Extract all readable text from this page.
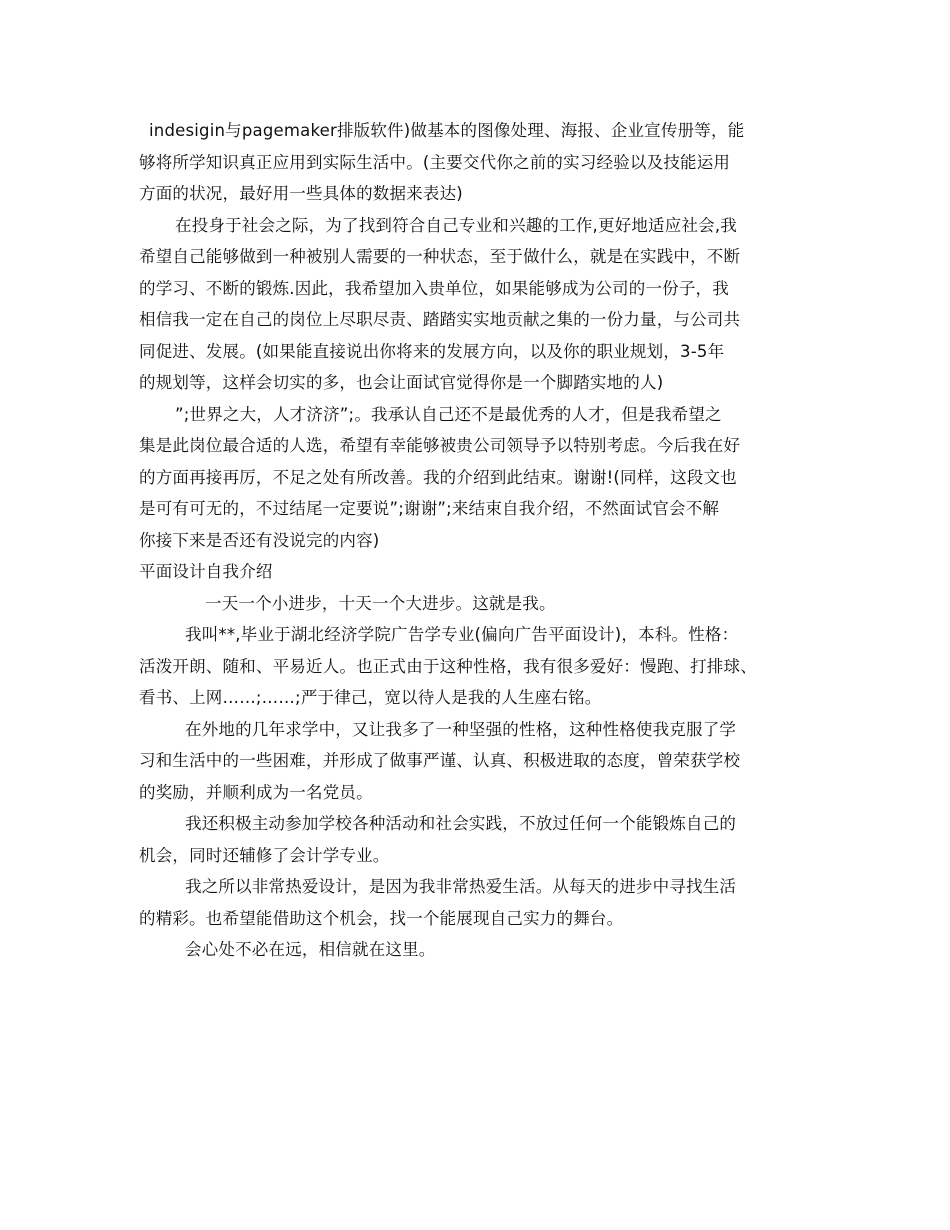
indesigin与pagemaker排版软件)做基本的图像处理、海报、企业宣传册等，能
够将所学知识真正应用到实际生活中。(主要交代你之前的实习经验以及技能运用
方面的状况，最好用一些具体的数据来表达)
在投身于社会之际，为了找到符合自己专业和兴趣的工作,更好地适应社会,我
希望自己能够做到一种被别人需要的一种状态，至于做什么，就是在实践中，不断
的学习、不断的锻炼.因此，我希望加入贵单位，如果能够成为公司的一份子，我
相信我一定在自己的岗位上尽职尽责、踏踏实实地贡献之集的一份力量，与公司共
同促进、发展。(如果能直接说出你将来的发展方向，以及你的职业规划，3-5年
的规划等，这样会切实的多，也会让面试官觉得你是一个脚踏实地的人)
”;世界之大，人才济济”;。我承认自己还不是最优秀的人才，但是我希望之
集是此岗位最合适的人选，希望有幸能够被贵公司领导予以特别考虑。今后我在好
的方面再接再厉，不足之处有所改善。我的介绍到此结束。谢谢!(同样，这段文也
是可有可无的，不过结尾一定要说”;谢谢”;来结束自我介绍，不然面试官会不解
你接下来是否还有没说完的内容)
平面设计自我介绍
一天一个小进步，十天一个大进步。这就是我。
我叫**,毕业于湖北经济学院广告学专业(偏向广告平面设计)，本科。性格：
活泼开朗、随和、平易近人。也正式由于这种性格，我有很多爱好：慢跑、打排球、
看书、上网……;……;严于律己，宽以待人是我的人生座右铭。
在外地的几年求学中，又让我多了一种坚强的性格，这种性格使我克服了学
习和生活中的一些困难，并形成了做事严谨、认真、积极进取的态度，曾荣获学校
的奖励，并顺利成为一名党员。
我还积极主动参加学校各种活动和社会实践，不放过任何一个能锻炼自己的
机会，同时还辅修了会计学专业。
我之所以非常热爱设计，是因为我非常热爱生活。从每天的进步中寻找生活
的精彩。也希望能借助这个机会，找一个能展现自己实力的舞台。
会心处不必在远，相信就在这里。
